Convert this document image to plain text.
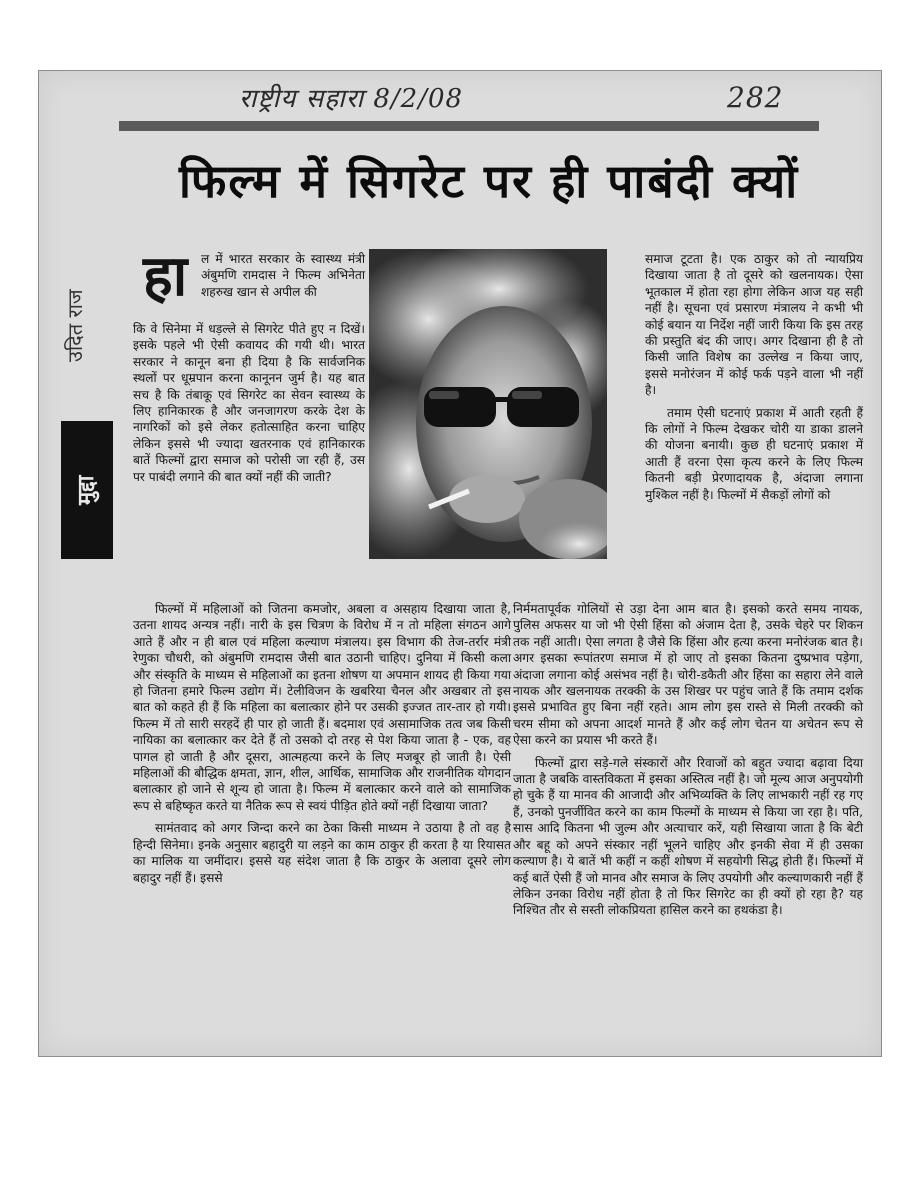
राष्ट्रीय सहारा 8/2/08	282
फिल्म में सिगरेट पर ही पाबंदी क्यों
उदित राज
मुद्दा
हा ल में भारत सरकार के स्वास्थ्य मंत्री अंबुमणि रामदास ने फिल्म अभिनेता शहरुख खान से अपील की

कि वे सिनेमा में धड़ल्ले से सिगरेट पीते हुए न दिखें। इसके पहले भी ऐसी कवायद की गयी थी। भारत सरकार ने कानून बना ही दिया है कि सार्वजनिक स्थलों पर धूम्रपान करना कानूनन जुर्म है। यह बात सच है कि तंबाकू एवं सिगरेट का सेवन स्वास्थ्य के लिए हानिकारक है और जनजागरण करके देश के नागरिकों को इसे लेकर हतोत्साहित करना चाहिए लेकिन इससे भी ज्यादा खतरनाक एवं हानिकारक बातें फिल्मों द्वारा समाज को परोसी जा रही हैं, उस पर पाबंदी लगाने की बात क्यों नहीं की जाती?

समाज टूटता है। एक ठाकुर को तो न्यायप्रिय दिखाया जाता है तो दूसरे को खलनायक। ऐसा भूतकाल में होता रहा होगा लेकिन आज यह सही नहीं है। सूचना एवं प्रसारण मंत्रालय ने कभी भी कोई बयान या निर्देश नहीं जारी किया कि इस तरह की प्रस्तुति बंद की जाए। अगर दिखाना ही है तो किसी जाति विशेष का उल्लेख न किया जाए, इससे मनोरंजन में कोई फर्क पड़ने वाला भी नहीं है।

तमाम ऐसी घटनाएं प्रकाश में आती रहती हैं कि लोगों ने फिल्म देखकर चोरी या डाका डालने की योजना बनायी। कुछ ही घटनाएं प्रकाश में आती हैं वरना ऐसा कृत्य करने के लिए फिल्म कितनी बड़ी प्रेरणादायक है, अंदाजा लगाना मुश्किल नहीं है। फिल्मों में सैकड़ों लोगों को

फिल्मों में महिलाओं को जितना कमजोर, अबला व असहाय दिखाया जाता है, उतना शायद अन्यत्र नहीं। नारी के इस चित्रण के विरोध में न तो महिला संगठन आगे आते हैं और न ही बाल एवं महिला कल्याण मंत्रालय। इस विभाग की तेज-तर्रार मंत्री रेणुका चौधरी, को अंबुमणि रामदास जैसी बात उठानी चाहिए। दुनिया में किसी कला और संस्कृति के माध्यम से महिलाओं का इतना शोषण या अपमान शायद ही किया गया हो जितना हमारे फिल्म उद्योग में। टेलीविजन के खबरिया चैनल और अखबार तो इस बात को कहते ही हैं कि महिला का बलात्कार होने पर उसकी इज्जत तार-तार हो गयी। फिल्म में तो सारी सरहदें ही पार हो जाती हैं। बदमाश एवं असामाजिक तत्व जब किसी नायिका का बलात्कार कर देते हैं तो उसको दो तरह से पेश किया जाता है - एक, वह पागल हो जाती है और दूसरा, आत्महत्या करने के लिए मजबूर हो जाती है। ऐसी महिलाओं की बौद्धिक क्षमता, ज्ञान, शील, आर्थिक, सामाजिक और राजनीतिक योगदान बलात्कार हो जाने से शून्य हो जाता है। फिल्म में बलात्कार करने वाले को सामाजिक रूप से बहिष्कृत करते या नैतिक रूप से स्वयं पीड़ित होते क्यों नहीं दिखाया जाता?

सामंतवाद को अगर जिन्दा करने का ठेका किसी माध्यम ने उठाया है तो वह है हिन्दी सिनेमा। इनके अनुसार बहादुरी या लड़ने का काम ठाकुर ही करता है या रियासत का मालिक या जमींदार। इससे यह संदेश जाता है कि ठाकुर के अलावा दूसरे लोग बहादुर नहीं हैं। इससे

निर्ममतापूर्वक गोलियों से उड़ा देना आम बात है। इसको करते समय नायक, पुलिस अफसर या जो भी ऐसी हिंसा को अंजाम देता है, उसके चेहरे पर शिकन तक नहीं आती। ऐसा लगता है जैसे कि हिंसा और हत्या करना मनोरंजक बात है। अगर इसका रूपांतरण समाज में हो जाए तो इसका कितना दुष्प्रभाव पड़ेगा, अंदाजा लगाना कोई असंभव नहीं है। चोरी-डकैती और हिंसा का सहारा लेने वाले नायक और खलनायक तरक्की के उस शिखर पर पहुंच जाते हैं कि तमाम दर्शक इससे प्रभावित हुए बिना नहीं रहते। आम लोग इस रास्ते से मिली तरक्की को चरम सीमा को अपना आदर्श मानते हैं और कई लोग चेतन या अचेतन रूप से ऐसा करने का प्रयास भी करते हैं।

फिल्मों द्वारा सड़े-गले संस्कारों और रिवाजों को बहुत ज्यादा बढ़ावा दिया जाता है जबकि वास्तविकता में इसका अस्तित्व नहीं है। जो मूल्य आज अनुपयोगी हो चुके हैं या मानव की आजादी और अभिव्यक्ति के लिए लाभकारी नहीं रह गए हैं, उनको पुनर्जीवित करने का काम फिल्मों के माध्यम से किया जा रहा है। पति, सास आदि कितना भी जुल्म और अत्याचार करें, यही सिखाया जाता है कि बेटी और बहू को अपने संस्कार नहीं भूलने चाहिए और इनकी सेवा में ही उसका कल्याण है। ये बातें भी कहीं न कहीं शोषण में सहयोगी सिद्ध होती हैं। फिल्मों में कई बातें ऐसी हैं जो मानव और समाज के लिए उपयोगी और कल्याणकारी नहीं हैं लेकिन उनका विरोध नहीं होता है तो फिर सिगरेट का ही क्यों हो रहा है? यह निश्चित तौर से सस्ती लोकप्रियता हासिल करने का हथकंडा है।
